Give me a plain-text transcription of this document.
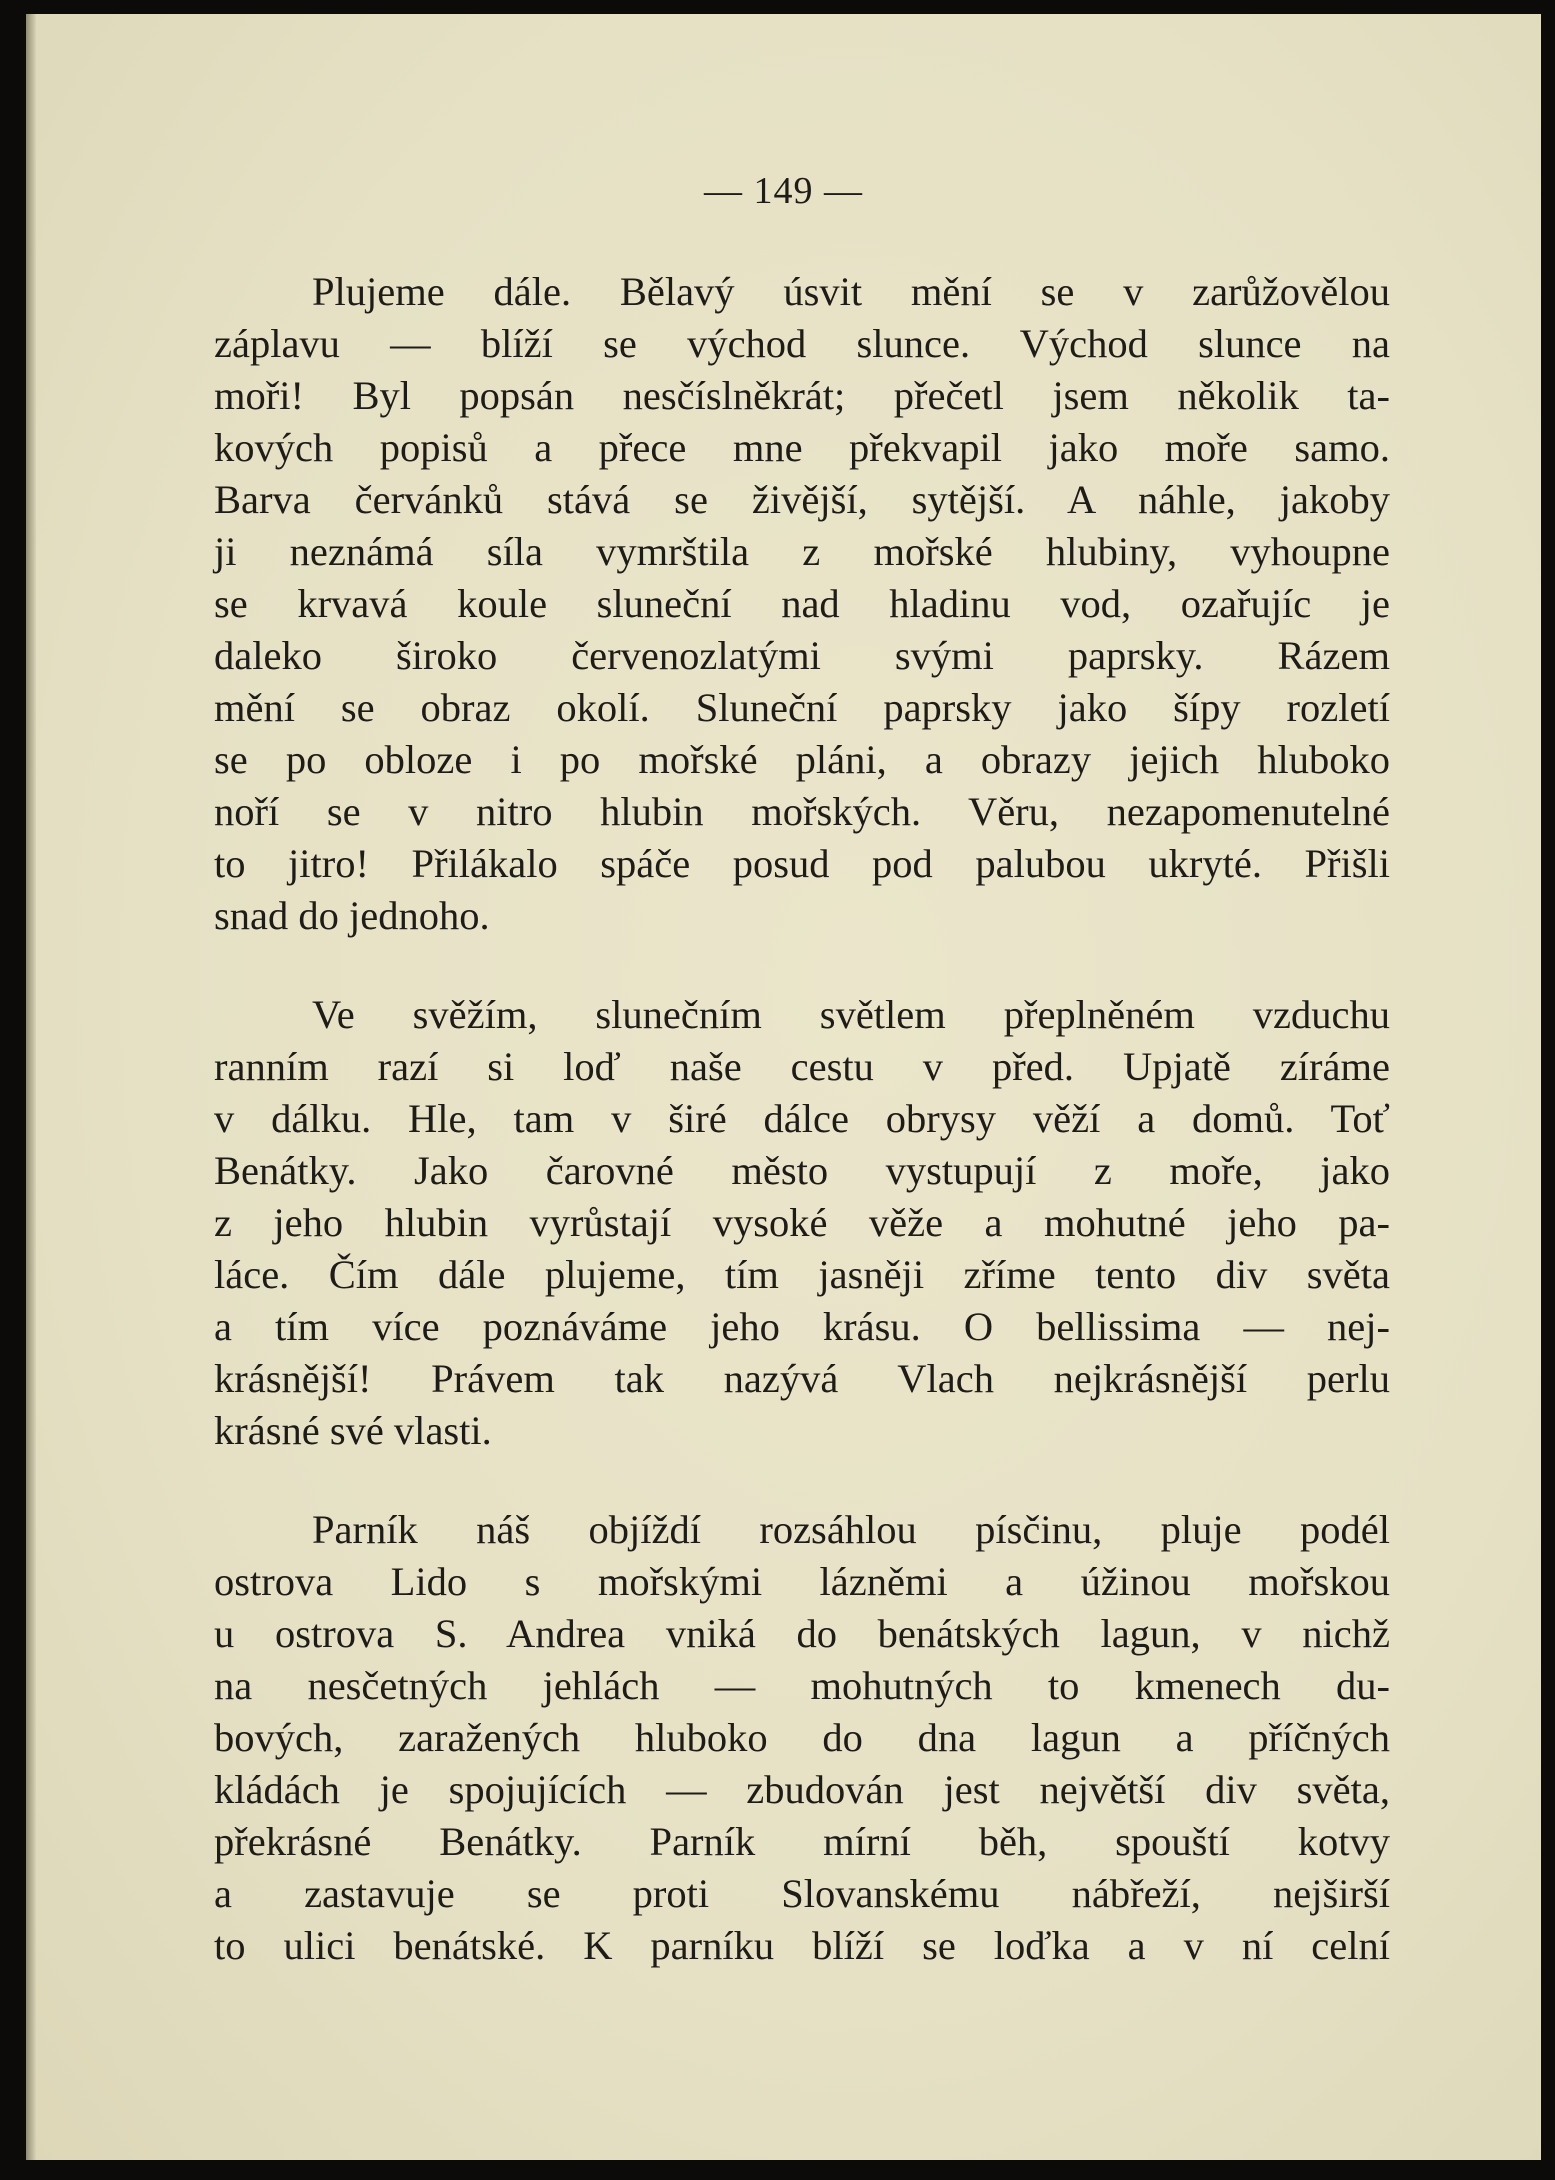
— 149 —
Plujeme dále. Bělavý úsvit mění se v zarůžovělou
záplavu — blíží se východ slunce. Východ slunce na
moři! Byl popsán nesčíslněkrát; přečetl jsem několik ta-
kových popisů a přece mne překvapil jako moře samo.
Barva červánků stává se živější, sytější. A náhle, jakoby
ji neznámá síla vymrštila z mořské hlubiny, vyhoupne
se krvavá koule sluneční nad hladinu vod, ozařujíc je
daleko široko červenozlatými svými paprsky. Rázem
mění se obraz okolí. Sluneční paprsky jako šípy rozletí
se po obloze i po mořské pláni, a obrazy jejich hluboko
noří se v nitro hlubin mořských. Věru, nezapomenutelné
to jitro! Přilákalo spáče posud pod palubou ukryté. Přišli
snad do jednoho.
Ve svěžím, slunečním světlem přeplněném vzduchu
ranním razí si loď naše cestu v před. Upjatě zíráme
v dálku. Hle, tam v širé dálce obrysy věží a domů. Toť
Benátky. Jako čarovné město vystupují z moře, jako
z jeho hlubin vyrůstají vysoké věže a mohutné jeho pa-
láce. Čím dále plujeme, tím jasněji zříme tento div světa
a tím více poznáváme jeho krásu. O bellissima — nej-
krásnější! Právem tak nazývá Vlach nejkrásnější perlu
krásné své vlasti.
Parník náš objíždí rozsáhlou písčinu, pluje podél
ostrova Lido s mořskými lázněmi a úžinou mořskou
u ostrova S. Andrea vniká do benátských lagun, v nichž
na nesčetných jehlách — mohutných to kmenech du-
bových, zaražených hluboko do dna lagun a příčných
kládách je spojujících — zbudován jest největší div světa,
překrásné Benátky. Parník mírní běh, spouští kotvy
a zastavuje se proti Slovanskému nábřeží, nejširší
to ulici benátské. K parníku blíží se loďka a v ní celní
